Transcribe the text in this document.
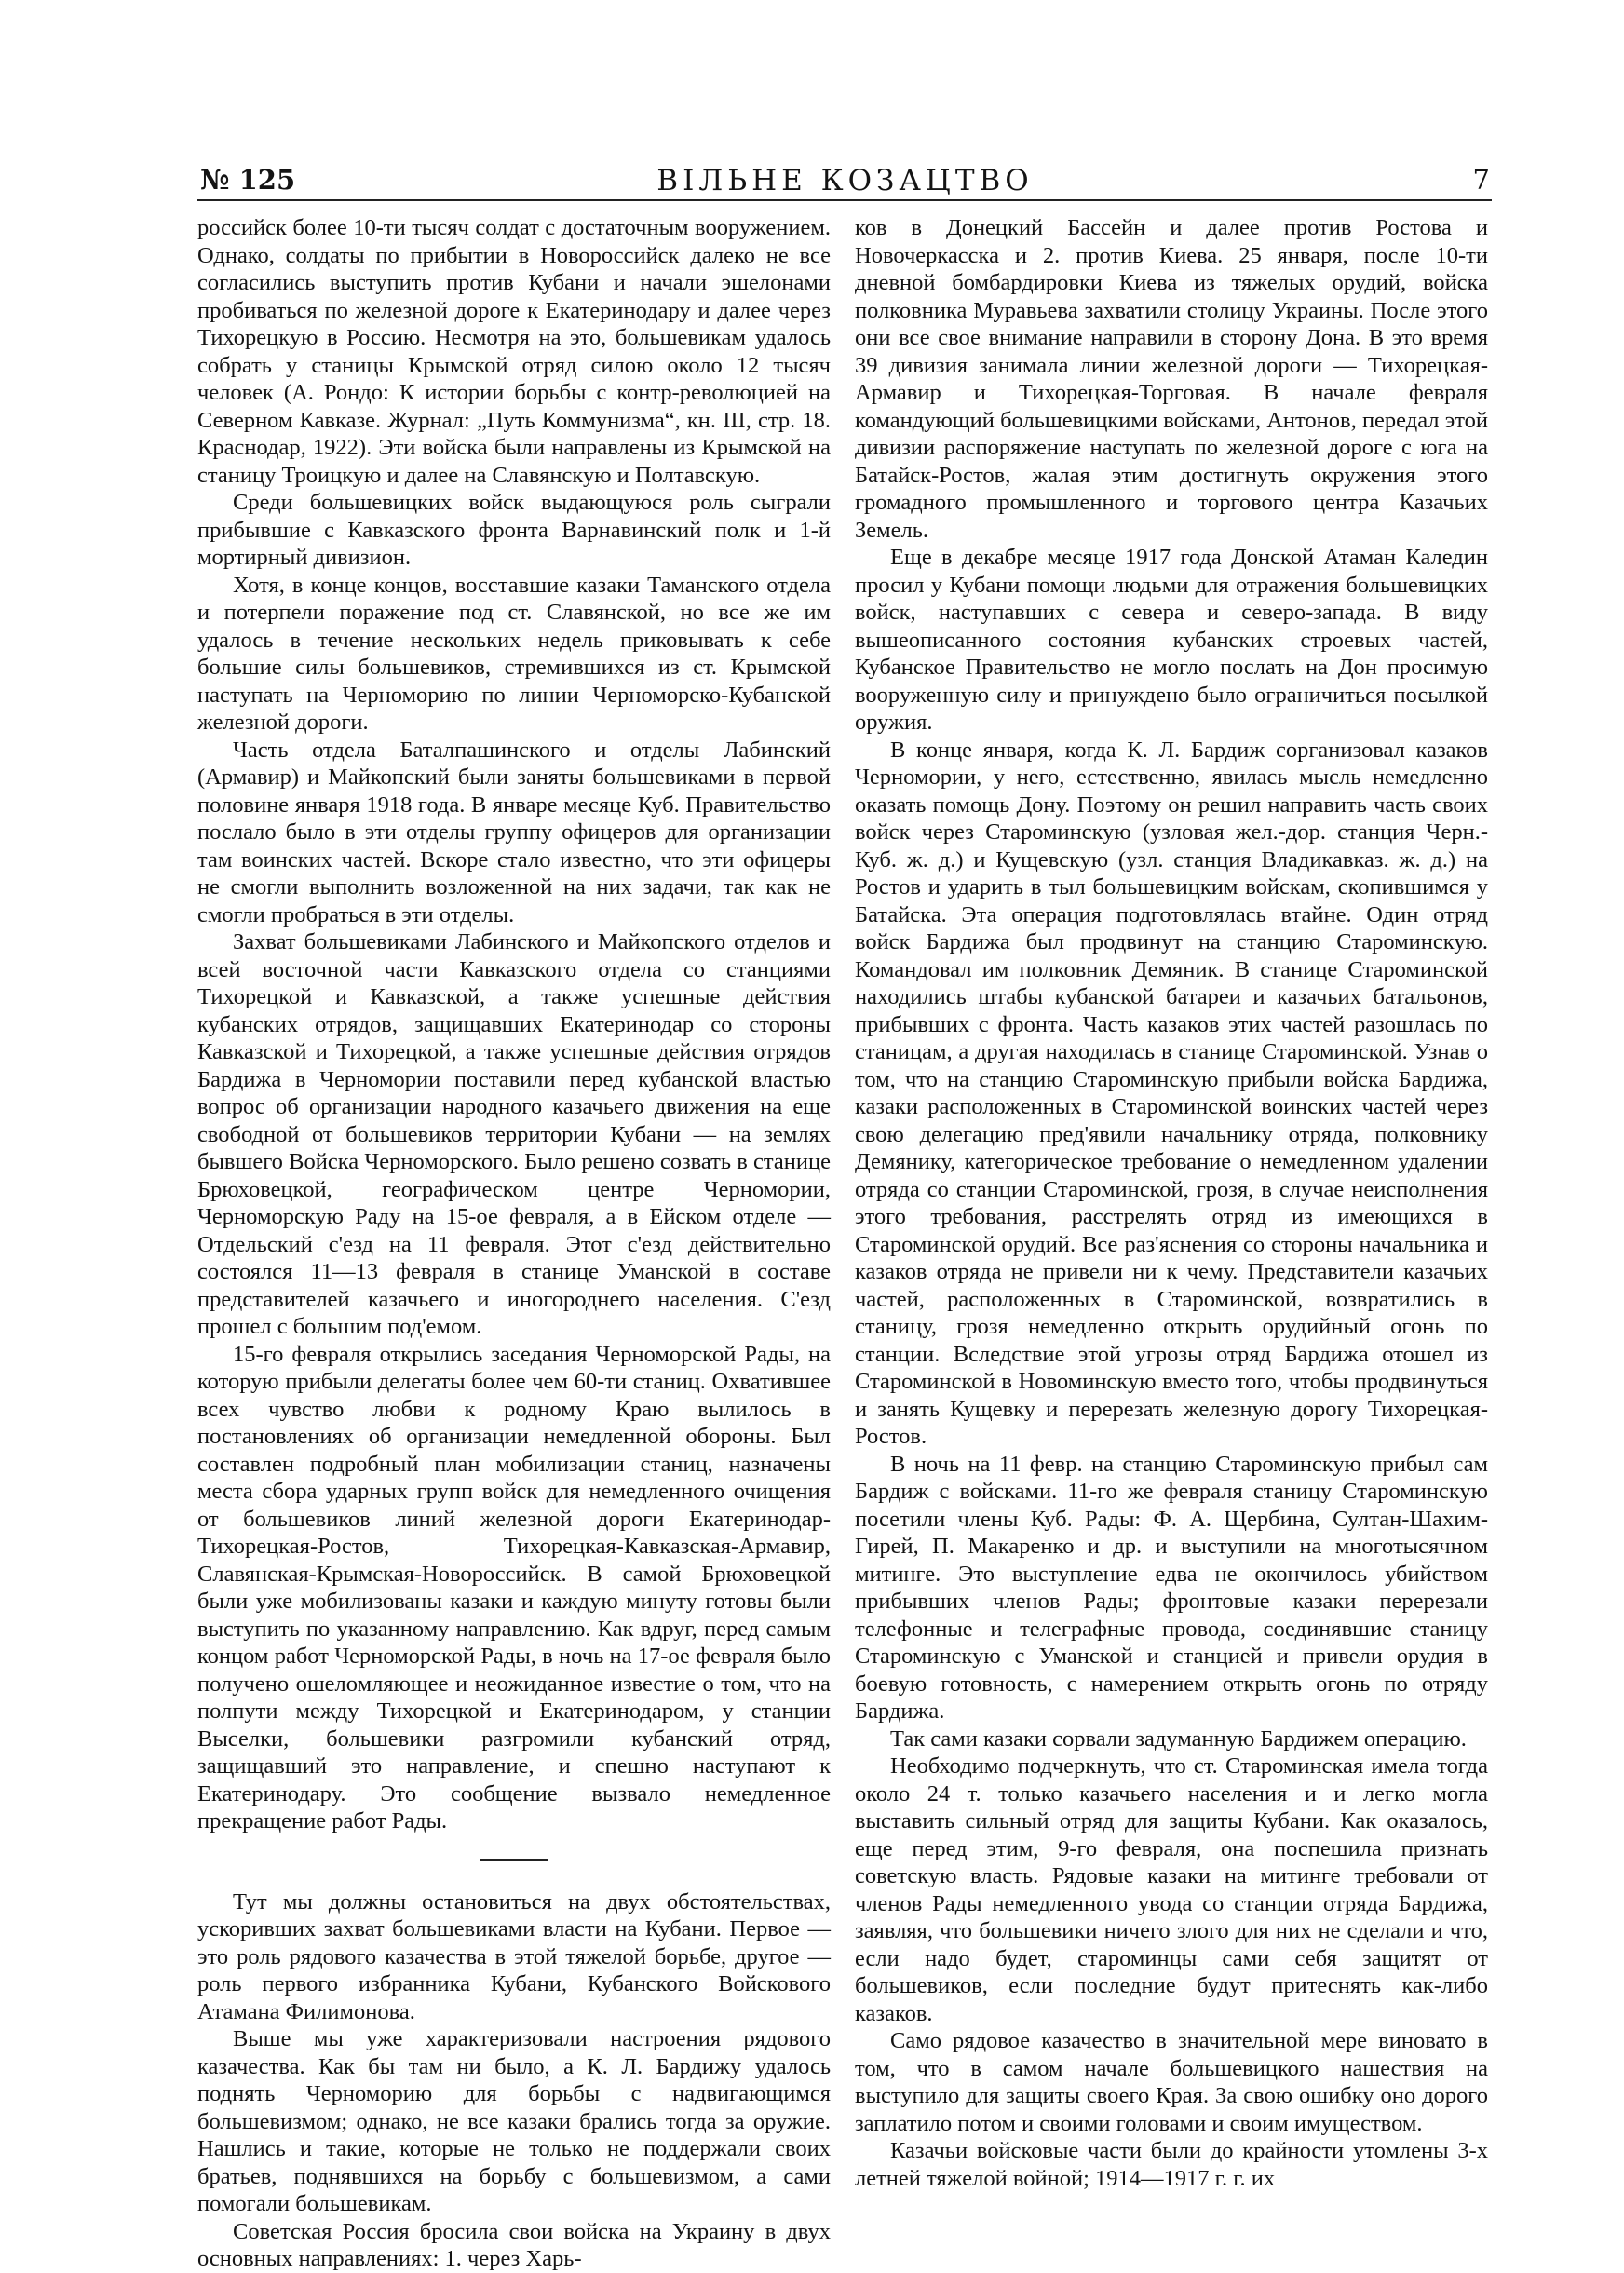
№ 125	ВІЛЬНЕ КОЗАЦТВО	7

российск более 10-ти тысяч солдат с достаточным вооружением. Однако, солдаты по прибытии в Новороссийск далеко не все согласились выступить против Кубани и начали эшелонами пробиваться по железной дороге к Екатеринодару и далее через Тихорецкую в Россию. Несмотря на это, большевикам удалось собрать у станицы Крымской отряд силою около 12 тысяч человек (А. Рондо: К истории борьбы с контр-революцией на Северном Кавказе. Журнал: „Путь Коммунизма“, кн. III, стр. 18. Краснодар, 1922). Эти войска были направлены из Крымской на станицу Троицкую и далее на Славянскую и Полтавскую.

Среди большевицких войск выдающуюся роль сыграли прибывшие с Кавказского фронта Варнавинский полк и 1-й мортирный дивизион.

Хотя, в конце концов, восставшие казаки Таманского отдела и потерпели поражение под ст. Славянской, но все же им удалось в течение нескольких недель приковывать к себе большие силы большевиков, стремившихся из ст. Крымской наступать на Черноморию по линии Черноморско-Кубанской железной дороги.

Часть отдела Баталпашинского и отделы Лабинский (Армавир) и Майкопский были заняты большевиками в первой половине января 1918 года. В январе месяце Куб. Правительство послало было в эти отделы группу офицеров для организации там воинских частей. Вскоре стало известно, что эти офицеры не смогли выполнить возложенной на них задачи, так как не смогли пробраться в эти отделы.

Захват большевиками Лабинского и Майкопского отделов и всей восточной части Кавказского отдела со станциями Тихорецкой и Кавказской, а также успешные действия кубанских отрядов, защищавших Екатеринодар со стороны Кавказской и Тихорецкой, а также успешные действия отрядов Бардижа в Черномории поставили перед кубанской властью вопрос об организации народного казачьего движения на еще свободной от большевиков территории Кубани — на землях бывшего Войска Черноморского. Было решено созвать в станице Брюховецкой, географическом центре Черномории, Черноморскую Раду на 15-ое февраля, а в Ейском отделе — Отдельский с'езд на 11 февраля. Этот с'езд действительно состоялся 11—13 февраля в станице Уманской в составе представителей казачьего и иногороднего населения. С'езд прошел с большим под'емом.

15-го февраля открылись заседания Черноморской Рады, на которую прибыли делегаты более чем 60-ти станиц. Охватившее всех чувство любви к родному Краю вылилось в постановлениях об организации немедленной обороны. Был составлен подробный план мобилизации станиц, назначены места сбора ударных групп войск для немедленного очищения от большевиков линий железной дороги Екатеринодар-Тихорецкая-Ростов, Тихорецкая-Кавказская-Армавир, Славянская-Крымская-Новороссийск. В самой Брюховецкой были уже мобилизованы казаки и каждую минуту готовы были выступить по указанному направлению. Как вдруг, перед самым концом работ Черноморской Рады, в ночь на 17-ое февраля было получено ошеломляющее и неожиданное известие о том, что на полпути между Тихорецкой и Екатеринодаром, у станции Выселки, большевики разгромили кубанский отряд, защищавший это направление, и спешно наступают к Екатеринодару. Это сообщение вызвало немедленное прекращение работ Рады.

Тут мы должны остановиться на двух обстоятельствах, ускоривших захват большевиками власти на Кубани. Первое — это роль рядового казачества в этой тяжелой борьбе, другое — роль первого избранника Кубани, Кубанского Войскового Атамана Филимонова.

Выше мы уже характеризовали настроения рядового казачества. Как бы там ни было, а К. Л. Бардижу удалось поднять Черноморию для борьбы с надвигающимся большевизмом; однако, не все казаки брались тогда за оружие. Нашлись и такие, которые не только не поддержали своих братьев, поднявшихся на борьбу с большевизмом, а сами помогали большевикам.

Советская Россия бросила свои войска на Украину в двух основных направлениях: 1. через Харь-

ков в Донецкий Бассейн и далее против Ростова и Новочеркасска и 2. против Киева. 25 января, после 10-ти дневной бомбардировки Киева из тяжелых орудий, войска полковника Муравьева захватили столицу Украины. После этого они все свое внимание направили в сторону Дона. В это время 39 дивизия занимала линии железной дороги — Тихорецкая-Армавир и Тихорецкая-Торговая. В начале февраля командующий большевицкими войсками, Антонов, передал этой дивизии распоряжение наступать по железной дороге с юга на Батайск-Ростов, жалая этим достигнуть окружения этого громадного промышленного и торгового центра Казачьих Земель.

Еще в декабре месяце 1917 года Донской Атаман Каледин просил у Кубани помощи людьми для отражения большевицких войск, наступавших с севера и северо-запада. В виду вышеописанного состояния кубанских строевых частей, Кубанское Правительство не могло послать на Дон просимую вооруженную силу и принуждено было ограничиться посылкой оружия.

В конце января, когда К. Л. Бардиж сорганизовал казаков Черномории, у него, естественно, явилась мысль немедленно оказать помощь Дону. Поэтому он решил направить часть своих войск через Староминскую (узловая жел.-дор. станция Черн.- Куб. ж. д.) и Кущевскую (узл. станция Владикавказ. ж. д.) на Ростов и ударить в тыл большевицким войскам, скопившимся у Батайска. Эта операция подготовлялась втайне. Один отряд войск Бардижа был продвинут на станцию Староминскую. Командовал им полковник Демяник. В станице Староминской находились штабы кубанской батареи и казачьих батальонов, прибывших с фронта. Часть казаков этих частей разошлась по станицам, а другая находилась в станице Староминской. Узнав о том, что на станцию Староминскую прибыли войска Бардижа, казаки расположенных в Староминской воинских частей через свою делегацию пред'явили начальнику отряда, полковнику Демянику, категорическое требование о немедленном удалении отряда со станции Староминской, грозя, в случае неисполнения этого требования, расстрелять отряд из имеющихся в Староминской орудий. Все раз'яснения со стороны начальника и казаков отряда не привели ни к чему. Представители казачьих частей, расположенных в Староминской, возвратились в станицу, грозя немедленно открыть орудийный огонь по станции. Вследствие этой угрозы отряд Бардижа отошел из Староминской в Новоминскую вместо того, чтобы продвинуться и занять Кущевку и перерезать железную дорогу Тихорецкая-Ростов.

В ночь на 11 февр. на станцию Староминскую прибыл сам Бардиж с войсками. 11-го же февраля станицу Староминскую посетили члены Куб. Рады: Ф. А. Щербина, Султан-Шахим-Гирей, П. Макаренко и др. и выступили на многотысячном митинге. Это выступление едва не окончилось убийством прибывших членов Рады; фронтовые казаки перерезали телефонные и телеграфные провода, соединявшие станицу Староминскую с Уманской и станцией и привели орудия в боевую готовность, с намерением открыть огонь по отряду Бардижа.

Так сами казаки сорвали задуманную Бардижем операцию.

Необходимо подчеркнуть, что ст. Староминская имела тогда около 24 т. только казачьего населения и и легко могла выставить сильный отряд для защиты Кубани. Как оказалось, еще перед этим, 9-го февраля, она поспешила признать советскую власть. Рядовые казаки на митинге требовали от членов Рады немедленного увода со станции отряда Бардижа, заявляя, что большевики ничего злого для них не сделали и что, если надо будет, староминцы сами себя защитят от большевиков, если последние будут притеснять как-либо казаков.

Само рядовое казачество в значительной мере виновато в том, что в самом начале большевицкого нашествия на выступило для защиты своего Края. За свою ошибку оно дорого заплатило потом и своими головами и своим имуществом.

Казачьи войсковые части были до крайности утомлены 3-х летней тяжелой войной; 1914—1917 г. г. их
